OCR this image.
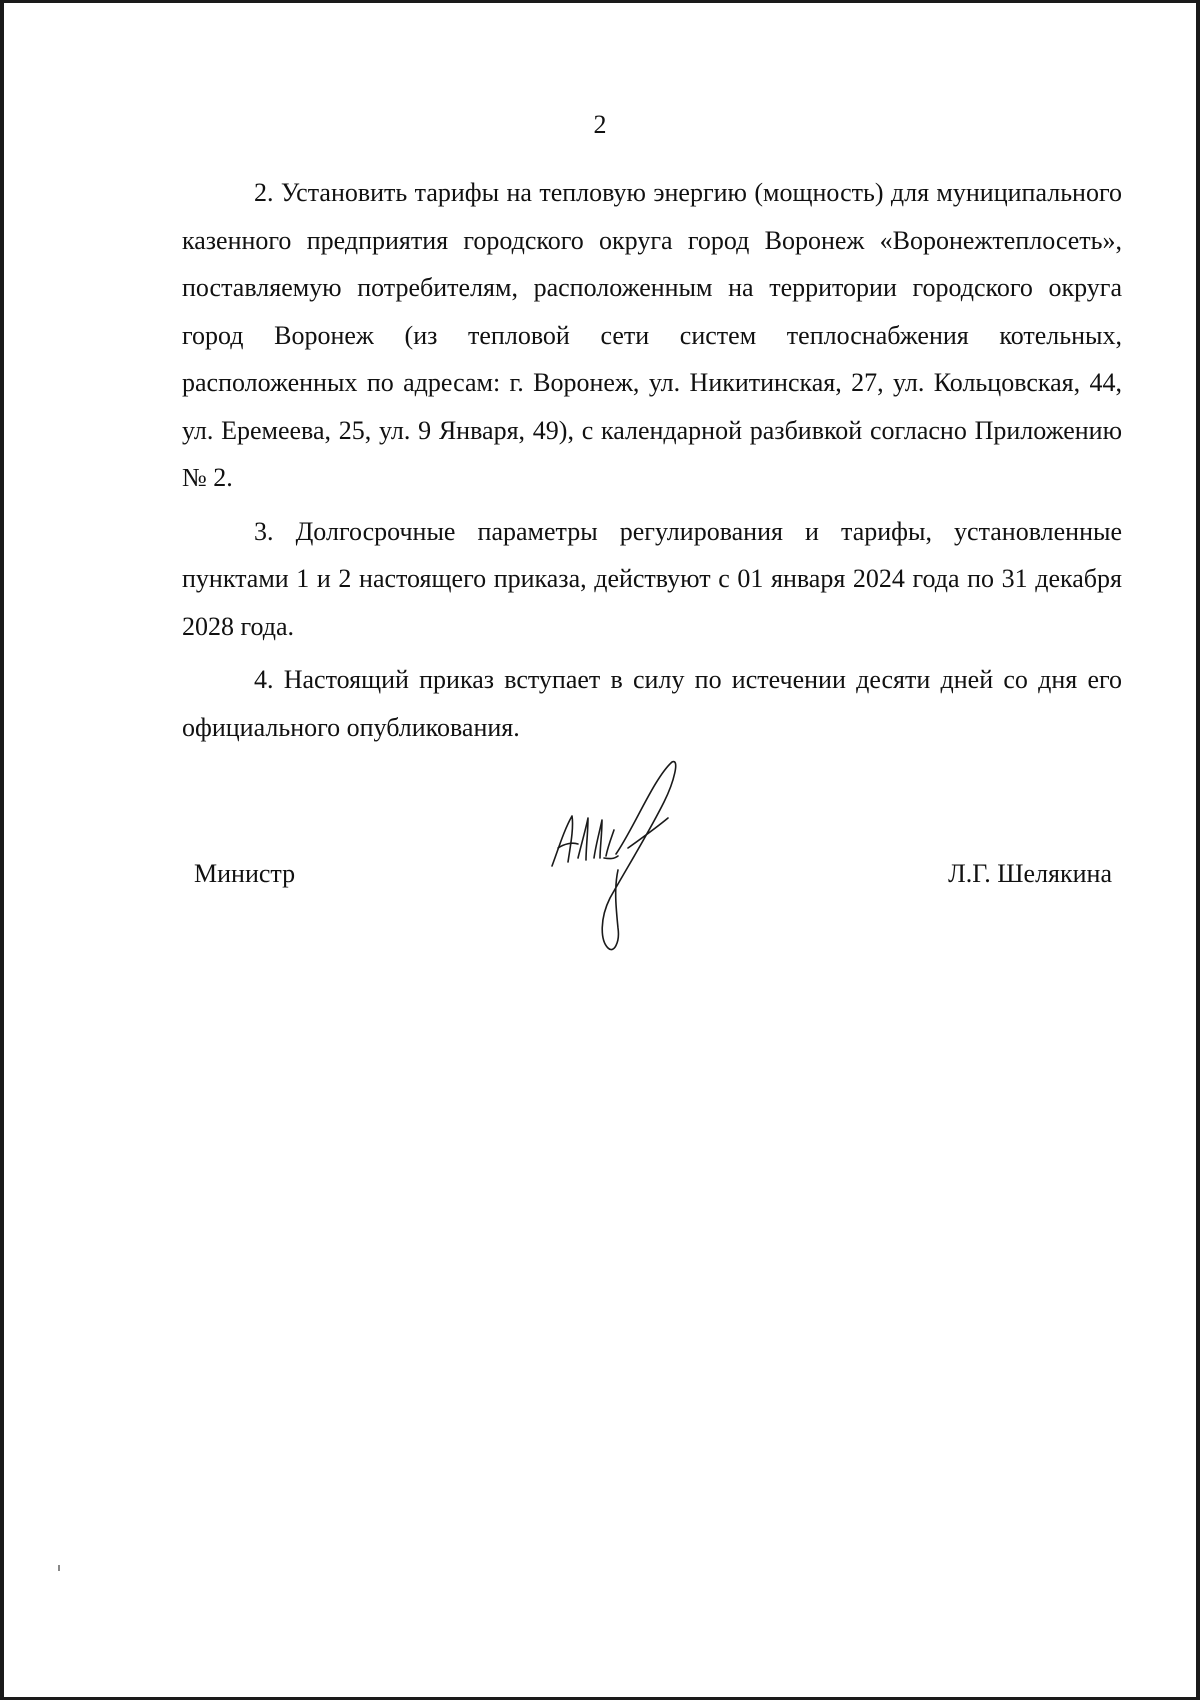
2

2. Установить тарифы на тепловую энергию (мощность) для муниципального казенного предприятия городского округа город Воронеж «Воронежтеплосеть», поставляемую потребителям, расположенным на территории городского округа город Воронеж (из тепловой сети систем теплоснабжения котельных, расположенных по адресам: г. Воронеж, ул. Никитинская, 27, ул. Кольцовская, 44, ул. Еремеева, 25, ул. 9 Января, 49), с календарной разбивкой согласно Приложению № 2.

3. Долгосрочные параметры регулирования и тарифы, установленные пунктами 1 и 2 настоящего приказа, действуют с 01 января 2024 года по 31 декабря 2028 года.

4. Настоящий приказ вступает в силу по истечении десяти дней со дня его официального опубликования.

Министр	Л.Г. Шелякина
